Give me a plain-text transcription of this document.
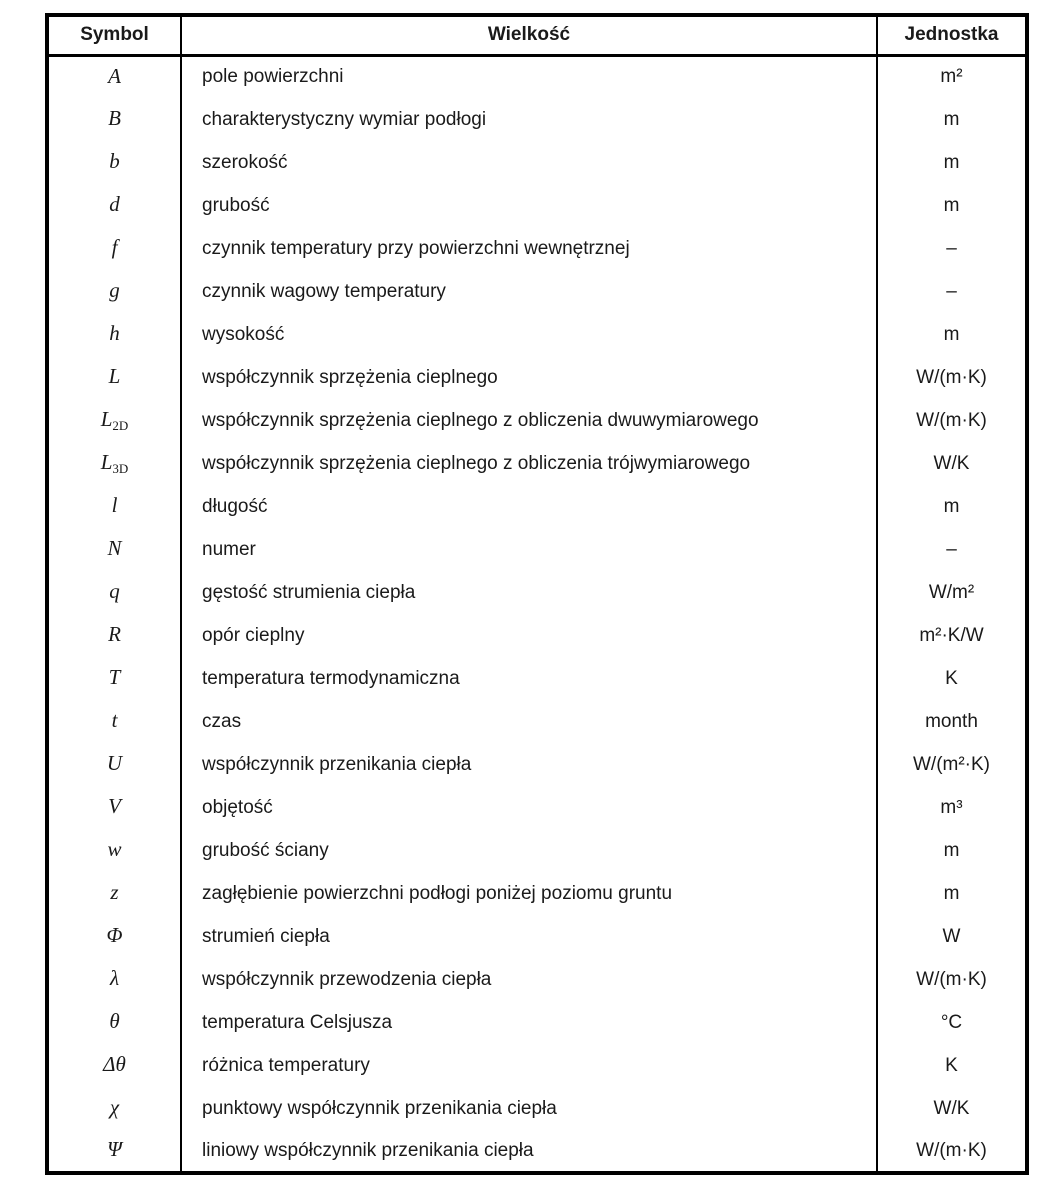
Symbol	Wielkość	Jednostka
A	pole powierzchni	m²
B	charakterystyczny wymiar podłogi	m
b	szerokość	m
d	grubość	m
f	czynnik temperatury przy powierzchni wewnętrznej	–
g	czynnik wagowy temperatury	–
h	wysokość	m
L	współczynnik sprzężenia cieplnego	W/(m·K)
$L_{2D}$	współczynnik sprzężenia cieplnego z obliczenia dwuwymiarowego	W/(m·K)
$L_{3D}$	współczynnik sprzężenia cieplnego z obliczenia trójwymiarowego	W/K
l	długość	m
N	numer	–
q	gęstość strumienia ciepła	W/m²
R	opór cieplny	m²·K/W
T	temperatura termodynamiczna	K
t	czas	month
U	współczynnik przenikania ciepła	W/(m²·K)
V	objętość	m³
w	grubość ściany	m
z	zagłębienie powierzchni podłogi poniżej poziomu gruntu	m
Φ	strumień ciepła	W
λ	współczynnik przewodzenia ciepła	W/(m·K)
θ	temperatura Celsjusza	°C
Δθ	różnica temperatury	K
χ	punktowy współczynnik przenikania ciepła	W/K
Ψ	liniowy współczynnik przenikania ciepła	W/(m·K)
